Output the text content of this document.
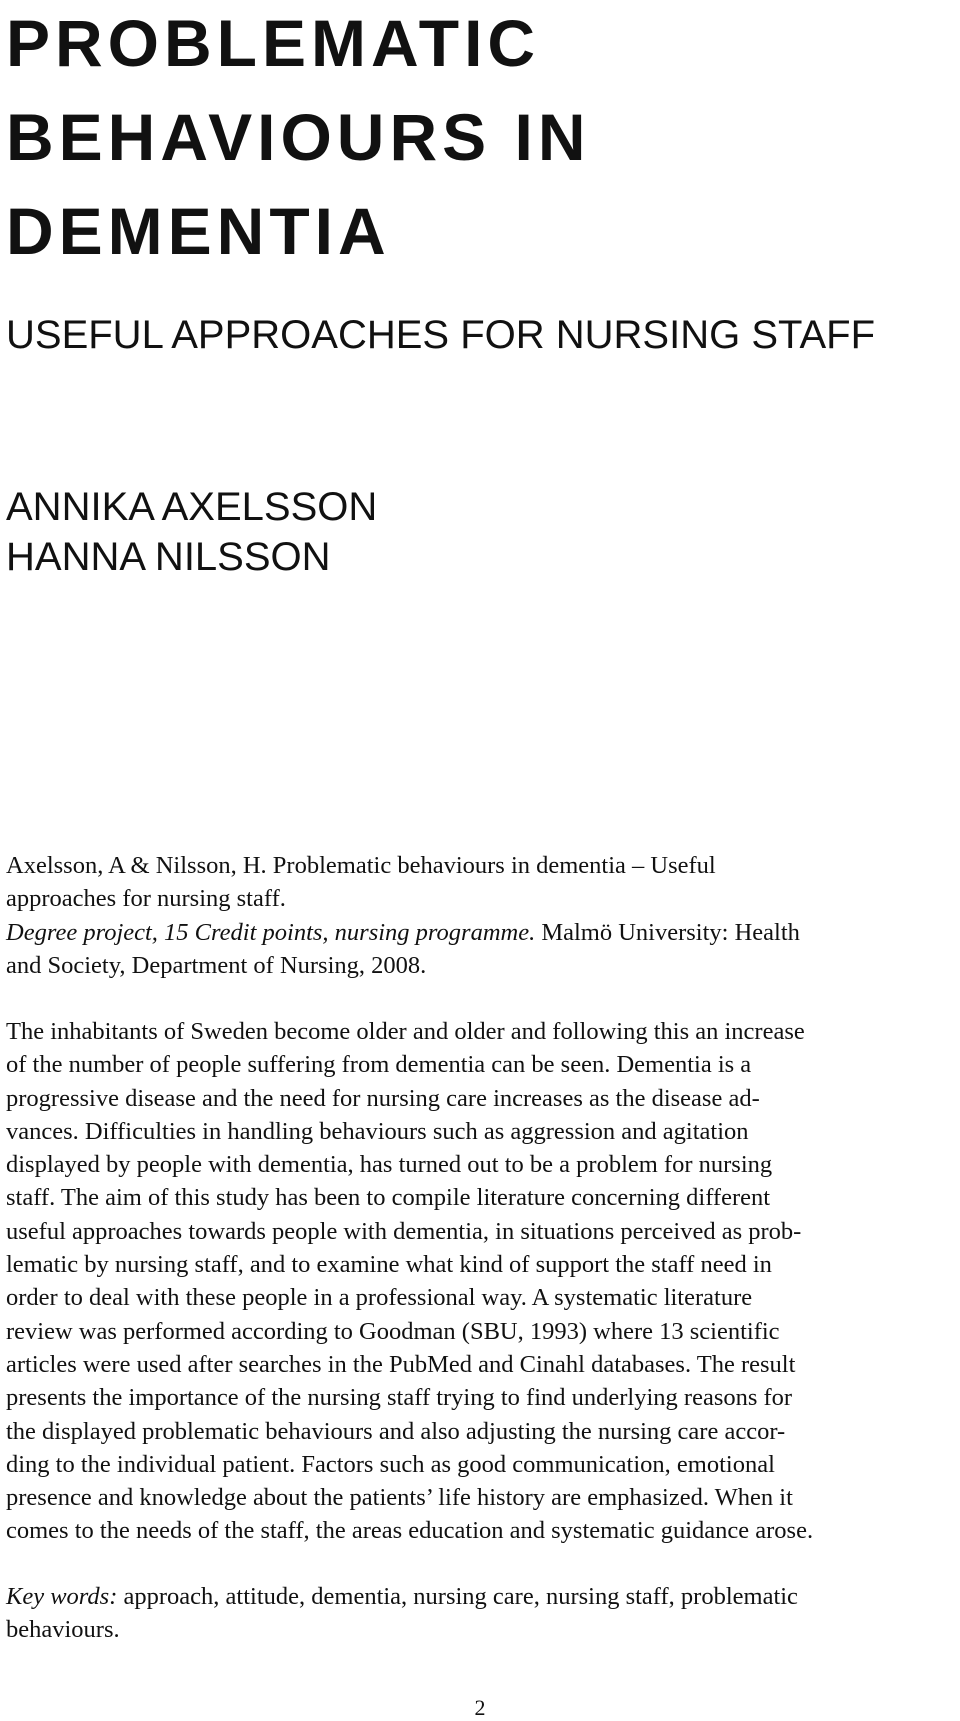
PROBLEMATIC
BEHAVIOURS IN
DEMENTIA
USEFUL APPROACHES FOR NURSING STAFF
ANNIKA AXELSSON
HANNA NILSSON

Axelsson, A & Nilsson, H. Problematic behaviours in dementia – Useful
approaches for nursing staff.
Degree project, 15 Credit points, nursing programme. Malmö University: Health
and Society, Department of Nursing, 2008.

The inhabitants of Sweden become older and older and following this an increase
of the number of people suffering from dementia can be seen. Dementia is a
progressive disease and the need for nursing care increases as the disease ad-
vances. Difficulties in handling behaviours such as aggression and agitation
displayed by people with dementia, has turned out to be a problem for nursing
staff. The aim of this study has been to compile literature concerning different
useful approaches towards people with dementia, in situations perceived as prob-
lematic by nursing staff, and to examine what kind of support the staff need in
order to deal with these people in a professional way. A systematic literature
review was performed according to Goodman (SBU, 1993) where 13 scientific
articles were used after searches in the PubMed and Cinahl databases. The result
presents the importance of the nursing staff trying to find underlying reasons for
the displayed problematic behaviours and also adjusting the nursing care accor-
ding to the individual patient. Factors such as good communication, emotional
presence and knowledge about the patients’ life history are emphasized. When it
comes to the needs of the staff, the areas education and systematic guidance arose.

Key words: approach, attitude, dementia, nursing care, nursing staff, problematic
behaviours.

2
